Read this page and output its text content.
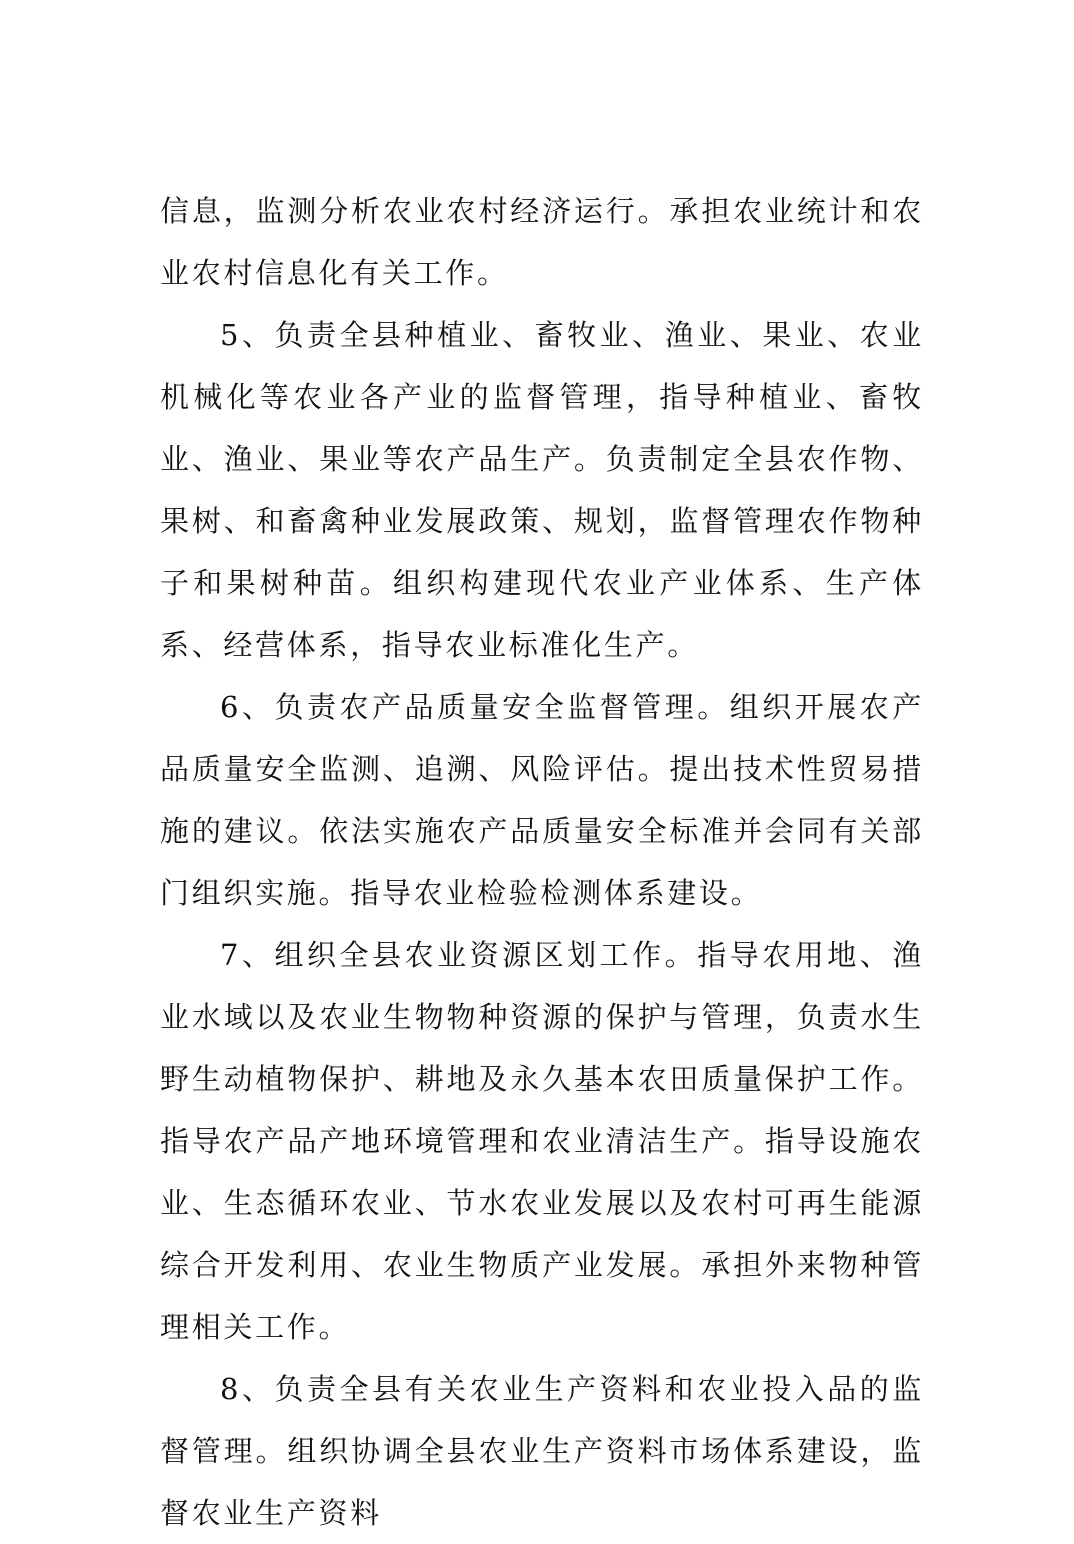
信息，监测分析农业农村经济运行。承担农业统计和农业农村信息化有关工作。

5、负责全县种植业、畜牧业、渔业、果业、农业机械化等农业各产业的监督管理，指导种植业、畜牧业、渔业、果业等农产品生产。负责制定全县农作物、果树、和畜禽种业发展政策、规划，监督管理农作物种子和果树种苗。组织构建现代农业产业体系、生产体系、经营体系，指导农业标准化生产。

6、负责农产品质量安全监督管理。组织开展农产品质量安全监测、追溯、风险评估。提出技术性贸易措施的建议。依法实施农产品质量安全标准并会同有关部门组织实施。指导农业检验检测体系建设。

7、组织全县农业资源区划工作。指导农用地、渔业水域以及农业生物物种资源的保护与管理，负责水生野生动植物保护、耕地及永久基本农田质量保护工作。指导农产品产地环境管理和农业清洁生产。指导设施农业、生态循环农业、节水农业发展以及农村可再生能源综合开发利用、农业生物质产业发展。承担外来物种管理相关工作。

8、负责全县有关农业生产资料和农业投入品的监督管理。组织协调全县农业生产资料市场体系建设，监督农业生产资料
